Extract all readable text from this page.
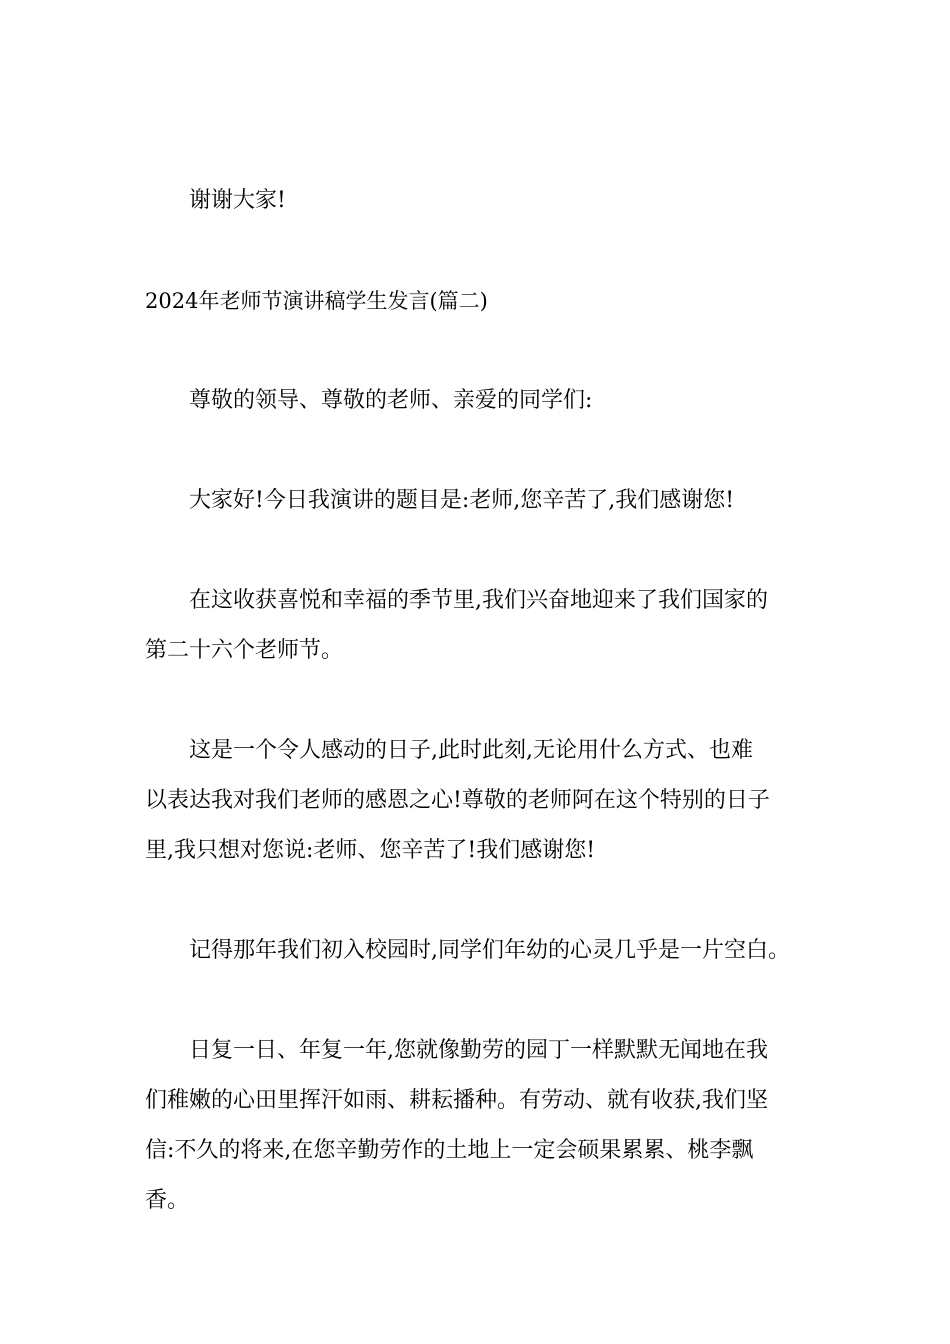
谢谢大家!

2024年老师节演讲稿学生发言(篇二)

尊敬的领导、尊敬的老师、亲爱的同学们:

大家好!今日我演讲的题目是:老师,您辛苦了,我们感谢您!

在这收获喜悦和幸福的季节里,我们兴奋地迎来了我们国家的

第二十六个老师节。

这是一个令人感动的日子,此时此刻,无论用什么方式、也难

以表达我对我们老师的感恩之心!尊敬的老师阿在这个特别的日子

里,我只想对您说:老师、您辛苦了!我们感谢您!

记得那年我们初入校园时,同学们年幼的心灵几乎是一片空白。

日复一日、年复一年,您就像勤劳的园丁一样默默无闻地在我

们稚嫩的心田里挥汗如雨、耕耘播种。有劳动、就有收获,我们坚

信:不久的将来,在您辛勤劳作的土地上一定会硕果累累、桃李飘

香。
